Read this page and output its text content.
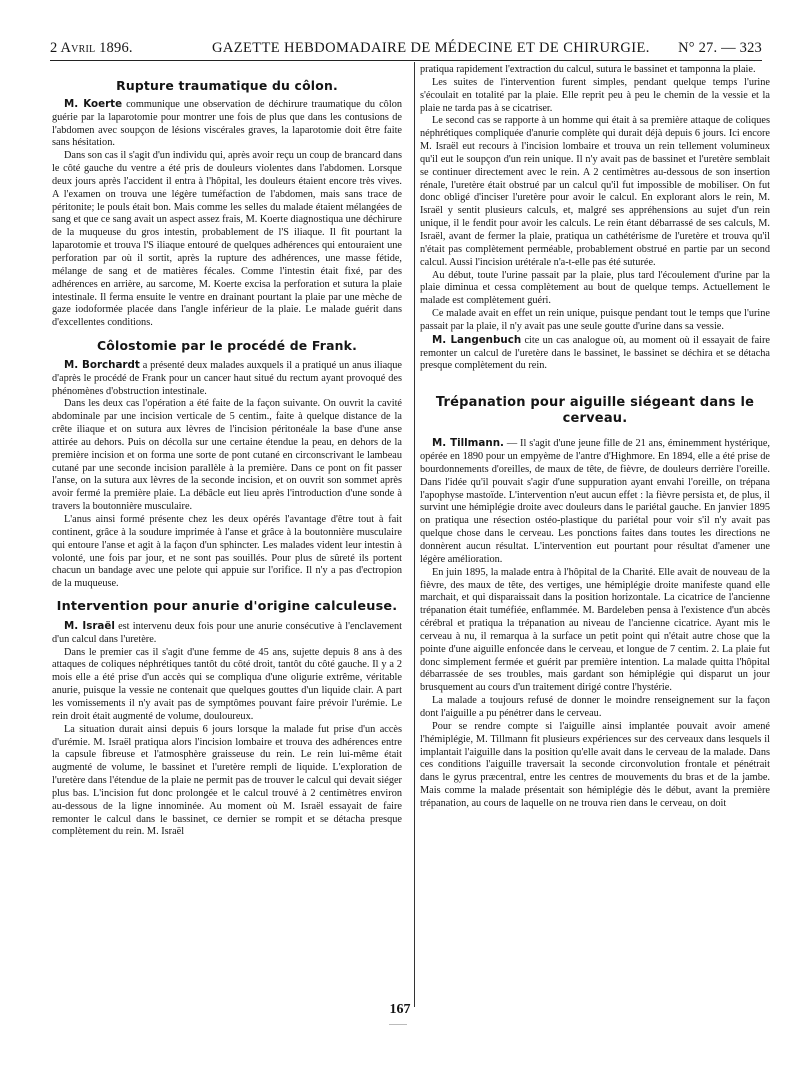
2 Avril 1896.	GAZETTE HEBDOMADAIRE DE MÉDECINE ET DE CHIRURGIE. N° 27. — 323
Rupture traumatique du côlon.

M. Koerte communique une observation de déchirure traumatique du côlon guérie par la laparotomie pour montrer une fois de plus que dans les contusions de l'abdomen avec soupçon de lésions viscérales graves, la laparotomie doit être faite sans hésitation.

Dans son cas il s'agit d'un individu qui, après avoir reçu un coup de brancard dans le côté gauche du ventre a été pris de douleurs violentes dans l'abdomen. Lorsque deux jours après l'accident il entra à l'hôpital, les douleurs étaient encore très vives. A l'examen on trouva une légère tuméfaction de l'abdomen, mais sans trace de péritonite; le pouls était bon. Mais comme les selles du malade étaient mélangées de sang et que ce sang avait un aspect assez frais, M. Koerte diagnostiqua une déchirure de la muqueuse du gros intestin, probablement de l'S iliaque. Il fit pourtant la laparotomie et trouva l'S iliaque entouré de quelques adhérences qui entouraient une perforation par où il sortit, après la rupture des adhérences, une masse fétide, mélange de sang et de matières fécales. Comme l'intestin était fixé, par des adhérences en arrière, au sarcome, M. Koerte excisa la perforation et sutura la plaie intestinale. Il ferma ensuite le ventre en drainant pourtant la plaie par une mèche de gaze iodoformée placée dans l'angle inférieur de la plaie. Le malade guérit dans d'excellentes conditions.

Côlostomie par le procédé de Frank.

M. Borchardt a présenté deux malades auxquels il a pratiqué un anus iliaque d'après le procédé de Frank pour un cancer haut situé du rectum ayant provoqué des phénomènes d'obstruction intestinale.

Dans les deux cas l'opération a été faite de la façon suivante. On ouvrit la cavité abdominale par une incision verticale de 5 centim., faite à quelque distance de la crête iliaque et on sutura aux lèvres de l'incision péritonéale la base d'une anse attirée au dehors. Puis on décolla sur une certaine étendue la peau, en dehors de la première incision et on forma une sorte de pont cutané en circonscrivant le lambeau cutané par une seconde incision parallèle à la première. Dans ce pont on fit passer l'anse, on la sutura aux lèvres de la seconde incision, et on ouvrit son sommet après avoir fermé la première plaie. La débâcle eut lieu après l'introduction d'une sonde à travers la boutonnière musculaire.

L'anus ainsi formé présente chez les deux opérés l'avantage d'être tout à fait continent, grâce à la soudure imprimée à l'anse et grâce à la boutonnière musculaire qui entoure l'anse et agit à la façon d'un sphincter. Les malades vident leur intestin à volonté, une fois par jour, et ne sont pas souillés. Pour plus de sûreté ils portent chacun un bandage avec une pelote qui appuie sur l'orifice. Il n'y a pas d'ectropion de la muqueuse.

Intervention pour anurie d'origine calculeuse.

M. Israël est intervenu deux fois pour une anurie consécutive à l'enclavement d'un calcul dans l'uretère.

Dans le premier cas il s'agit d'une femme de 45 ans, sujette depuis 8 ans à des attaques de coliques néphrétiques tantôt du côté droit, tantôt du côté gauche. Il y a 2 mois elle a été prise d'un accès qui se compliqua d'une oligurie extrême, véritable anurie, puisque la vessie ne contenait que quelques gouttes d'un liquide clair. A part les vomissements il n'y avait pas de symptômes pouvant faire prévoir l'urémie. Le rein droit était augmenté de volume, douloureux.

La situation durait ainsi depuis 6 jours lorsque la malade fut prise d'un accès d'urémie. M. Israël pratiqua alors l'incision lombaire et trouva des adhérences entre la capsule fibreuse et l'atmosphère graisseuse du rein. Le rein lui-même était augmenté de volume, le bassinet et l'uretère rempli de liquide. L'exploration de l'uretère dans l'étendue de la plaie ne permit pas de trouver le calcul qui devait siéger plus bas. L'incision fut donc prolongée et le calcul trouvé à 2 centimètres environ au-dessous de la ligne innominée. Au moment où M. Israël essayait de faire remonter le calcul dans le bassinet, ce dernier se rompit et se détacha presque complètement du rein. M. Israël

pratiqua rapidement l'extraction du calcul, sutura le bassinet et tamponna la plaie.

Les suites de l'intervention furent simples, pendant quelque temps l'urine s'écoulait en totalité par la plaie. Elle reprit peu à peu le chemin de la vessie et la plaie ne tarda pas à se cicatriser.

Le second cas se rapporte à un homme qui était à sa première attaque de coliques néphrétiques compliquée d'anurie complète qui durait déjà depuis 6 jours. Ici encore M. Israël eut recours à l'incision lombaire et trouva un rein tellement volumineux qu'il eut le soupçon d'un rein unique. Il n'y avait pas de bassinet et l'uretère semblait se continuer directement avec le rein. A 2 centimètres au-dessous de son insertion rénale, l'uretère était obstrué par un calcul qu'il fut impossible de mobiliser. On fut donc obligé d'inciser l'uretère pour avoir le calcul. En explorant alors le rein, M. Israël y sentit plusieurs calculs, et, malgré ses appréhensions au sujet d'un rein unique, il le fendit pour avoir les calculs. Le rein étant débarrassé de ses calculs, M. Israël, avant de fermer la plaie, pratiqua un cathétérisme de l'uretère et trouva qu'il n'était pas complètement perméable, probablement obstrué en partie par un second calcul. Aussi l'incision urétérale n'a-t-elle pas été suturée.

Au début, toute l'urine passait par la plaie, plus tard l'écoulement d'urine par la plaie diminua et cessa complètement au bout de quelque temps. Actuellement le malade est complètement guéri.

Ce malade avait en effet un rein unique, puisque pendant tout le temps que l'urine passait par la plaie, il n'y avait pas une seule goutte d'urine dans sa vessie.

M. Langenbuch cite un cas analogue où, au moment où il essayait de faire remonter un calcul de l'uretère dans le bassinet, le bassinet se déchira et se détacha presque complètement du rein.

Trépanation pour aiguille siégeant dans le cerveau.

M. Tillmann. — Il s'agit d'une jeune fille de 21 ans, éminemment hystérique, opérée en 1890 pour un empyème de l'antre d'Highmore. En 1894, elle a été prise de bourdonnements d'oreilles, de maux de tête, de fièvre, de douleurs derrière l'oreille. Dans l'idée qu'il pouvait s'agir d'une suppuration ayant envahi l'oreille, on trépana l'apophyse mastoïde. L'intervention n'eut aucun effet : la fièvre persista et, de plus, il survint une hémiplégie droite avec douleurs dans le pariétal gauche. En janvier 1895 on pratiqua une résection ostéo-plastique du pariétal pour voir s'il n'y avait pas quelque chose dans le cerveau. Les ponctions faites dans toutes les directions ne donnèrent aucun résultat. L'intervention eut pourtant pour résultat d'amener une légère amélioration.

En juin 1895, la malade entra à l'hôpital de la Charité. Elle avait de nouveau de la fièvre, des maux de tête, des vertiges, une hémiplégie droite manifeste quand elle marchait, et qui disparaissait dans la position horizontale. La cicatrice de l'ancienne trépanation était tuméfiée, enflammée. M. Bardeleben pensa à l'existence d'un abcès cérébral et pratiqua la trépanation au niveau de l'ancienne cicatrice. Ayant mis le cerveau à nu, il remarqua à la surface un petit point qui n'était autre chose que la pointe d'une aiguille enfoncée dans le cerveau, et longue de 7 centim. 2. La plaie fut donc simplement fermée et guérit par première intention. La malade quitta l'hôpital débarrassée de ses troubles, mais gardant son hémiplégie qui disparut un jour brusquement au cours d'un traitement dirigé contre l'hystérie.

La malade a toujours refusé de donner le moindre renseignement sur la façon dont l'aiguille a pu pénétrer dans le cerveau.

Pour se rendre compte si l'aiguille ainsi implantée pouvait avoir amené l'hémiplégie, M. Tillmann fit plusieurs expériences sur des cerveaux dans lesquels il implantait l'aiguille dans la position qu'elle avait dans le cerveau de la malade. Dans ces conditions l'aiguille traversait la seconde circonvolution frontale et pénétrait dans le gyrus præcentral, entre les centres de mouvements du bras et de la jambe. Mais comme la malade présentait son hémiplégie dès le début, avant la première trépanation, au cours de laquelle on ne trouva rien dans le cerveau, on doit

167
